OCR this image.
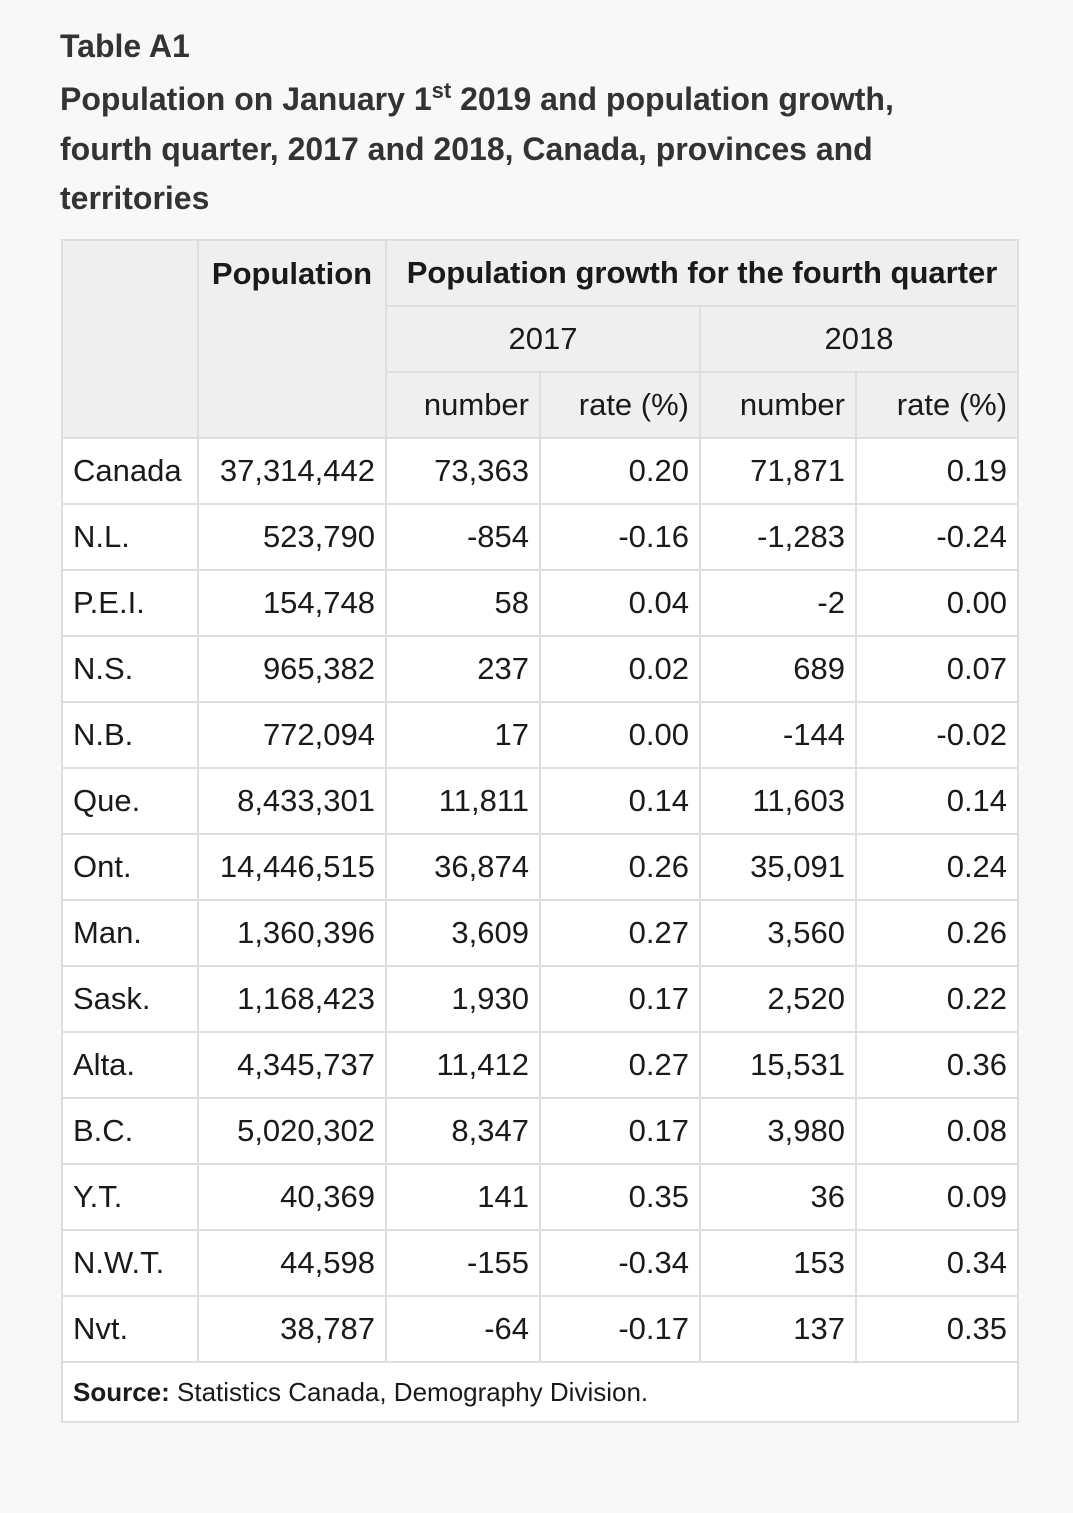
Table A1
Population on January 1st 2019 and population growth,
fourth quarter, 2017 and 2018, Canada, provinces and
territories
	Population	Population growth for the fourth quarter			
		2017		2018	
		number	rate (%)	number	rate (%)
Canada	37,314,442	73,363	0.20	71,871	0.19
N.L.	523,790	-854	-0.16	-1,283	-0.24
P.E.I.	154,748	58	0.04	-2	0.00
N.S.	965,382	237	0.02	689	0.07
N.B.	772,094	17	0.00	-144	-0.02
Que.	8,433,301	11,811	0.14	11,603	0.14
Ont.	14,446,515	36,874	0.26	35,091	0.24
Man.	1,360,396	3,609	0.27	3,560	0.26
Sask.	1,168,423	1,930	0.17	2,520	0.22
Alta.	4,345,737	11,412	0.27	15,531	0.36
B.C.	5,020,302	8,347	0.17	3,980	0.08
Y.T.	40,369	141	0.35	36	0.09
N.W.T.	44,598	-155	-0.34	153	0.34
Nvt.	38,787	-64	-0.17	137	0.35
Source: Statistics Canada, Demography Division.					
